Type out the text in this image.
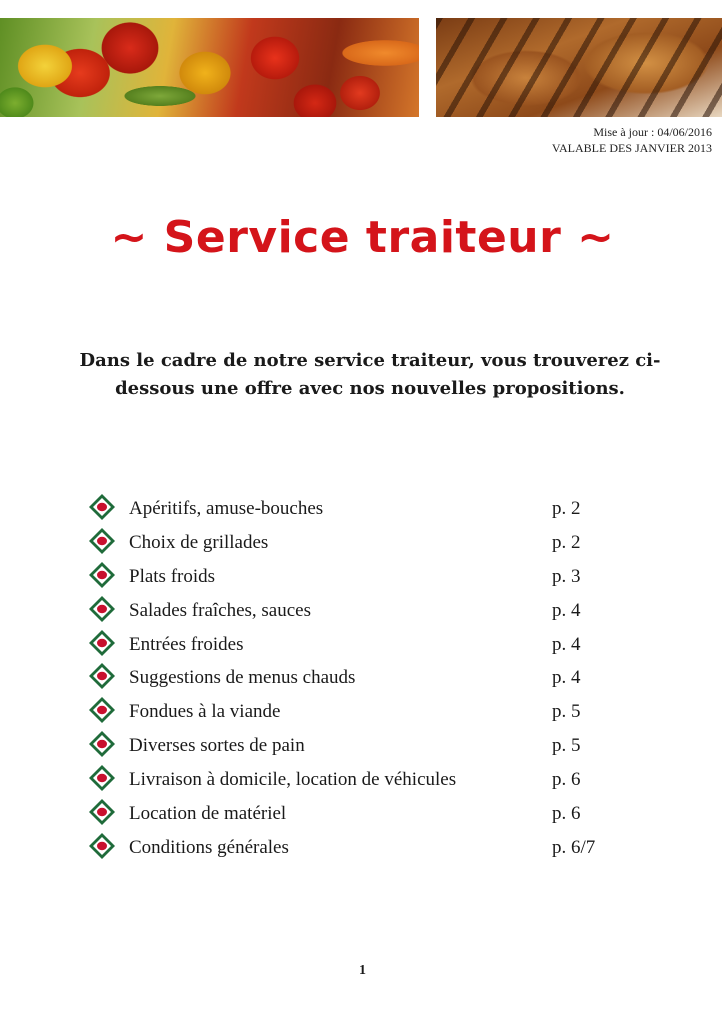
Mise à jour : 04/06/2016
VALABLE DES JANVIER 2013
~ Service traiteur ~

Dans le cadre de notre service traiteur, vous trouverez ci-dessous une offre avec nos nouvelles propositions.

Apéritifs, amuse-bouches	p. 2
Choix de grillades	p. 2
Plats froids	p. 3
Salades fraîches, sauces	p. 4
Entrées froides	p. 4
Suggestions de menus chauds	p. 4
Fondues à la viande	p. 5
Diverses sortes de pain	p. 5
Livraison à domicile, location de véhicules	p. 6
Location de matériel	p. 6
Conditions générales	p. 6/7
1
